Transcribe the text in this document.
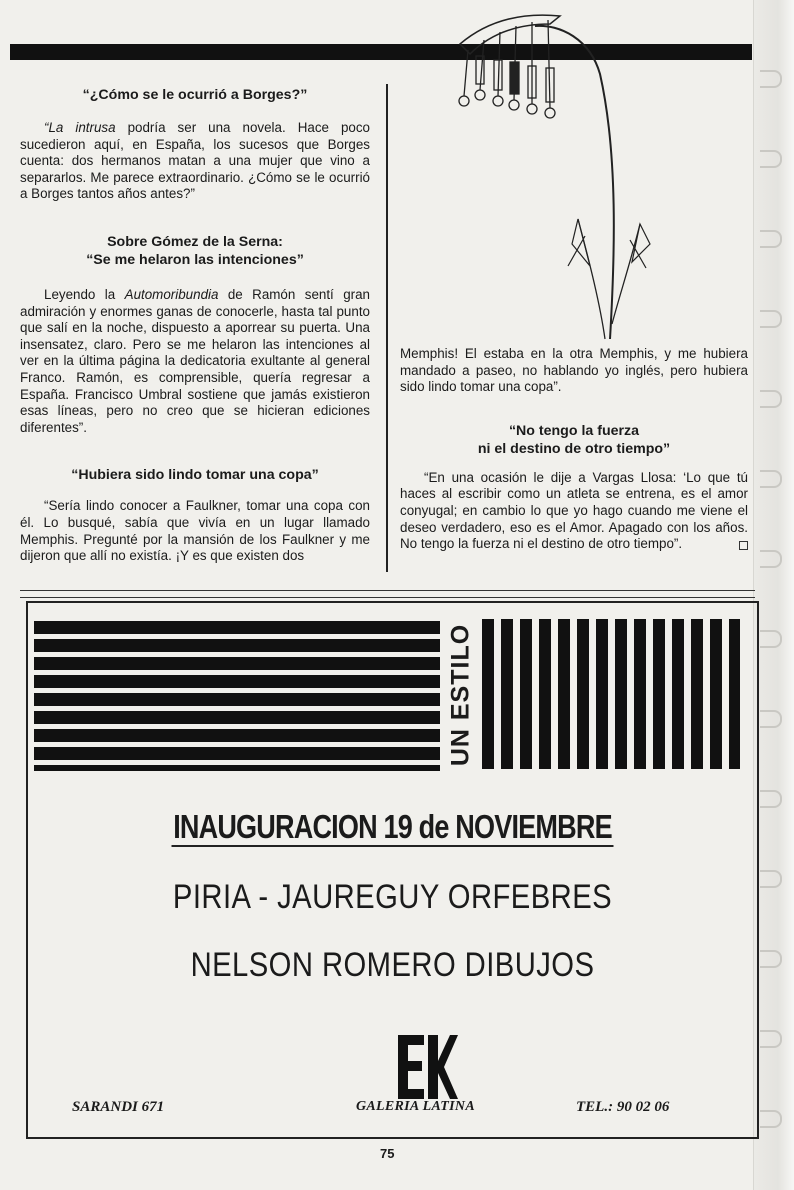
“¿Cómo se le ocurrió a Borges?”

“La intrusa podría ser una novela. Hace poco sucedieron aquí, en España, los sucesos que Borges cuenta: dos hermanos matan a una mujer que vino a separarlos. Me parece extraordinario. ¿Cómo se le ocurrió a Borges tantos años antes?”

Sobre Gómez de la Serna:
“Se me helaron las intenciones”

Leyendo la Automoribundia de Ramón sentí gran admiración y enormes ganas de conocerle, hasta tal punto que salí en la noche, dispuesto a aporrear su puerta. Una insensatez, claro. Pero se me helaron las intenciones al ver en la última página la dedicatoria exultante al general Franco. Ramón, es comprensible, quería regresar a España. Francisco Umbral sostiene que jamás existieron esas líneas, pero no creo que se hicieran ediciones diferentes”.

“Hubiera sido lindo tomar una copa”

“Sería lindo conocer a Faulkner, tomar una copa con él. Lo busqué, sabía que vivía en un lugar llamado Memphis. Pregunté por la mansión de los Faulkner y me dijeron que allí no existía. ¡Y es que existen dos

Memphis! El estaba en la otra Memphis, y me hubiera mandado a paseo, no hablando yo inglés, pero hubiera sido lindo tomar una copa”.

“No tengo la fuerza
ni el destino de otro tiempo”

“En una ocasión le dije a Vargas Llosa: ‘Lo que tú haces al escribir como un atleta se entrena, es el amor conyugal; en cambio lo que yo hago cuando me viene el deseo verdadero, eso es el Amor. Apagado con los años. No tengo la fuerza ni el destino de otro tiempo”.

UN ESTILO
INAUGURACION 19 de NOVIEMBRE
PIRIA - JAUREGUY ORFEBRES
NELSON ROMERO DIBUJOS
SARANDI 671	GALERIA LATINA	TEL.: 90 02 06
75
